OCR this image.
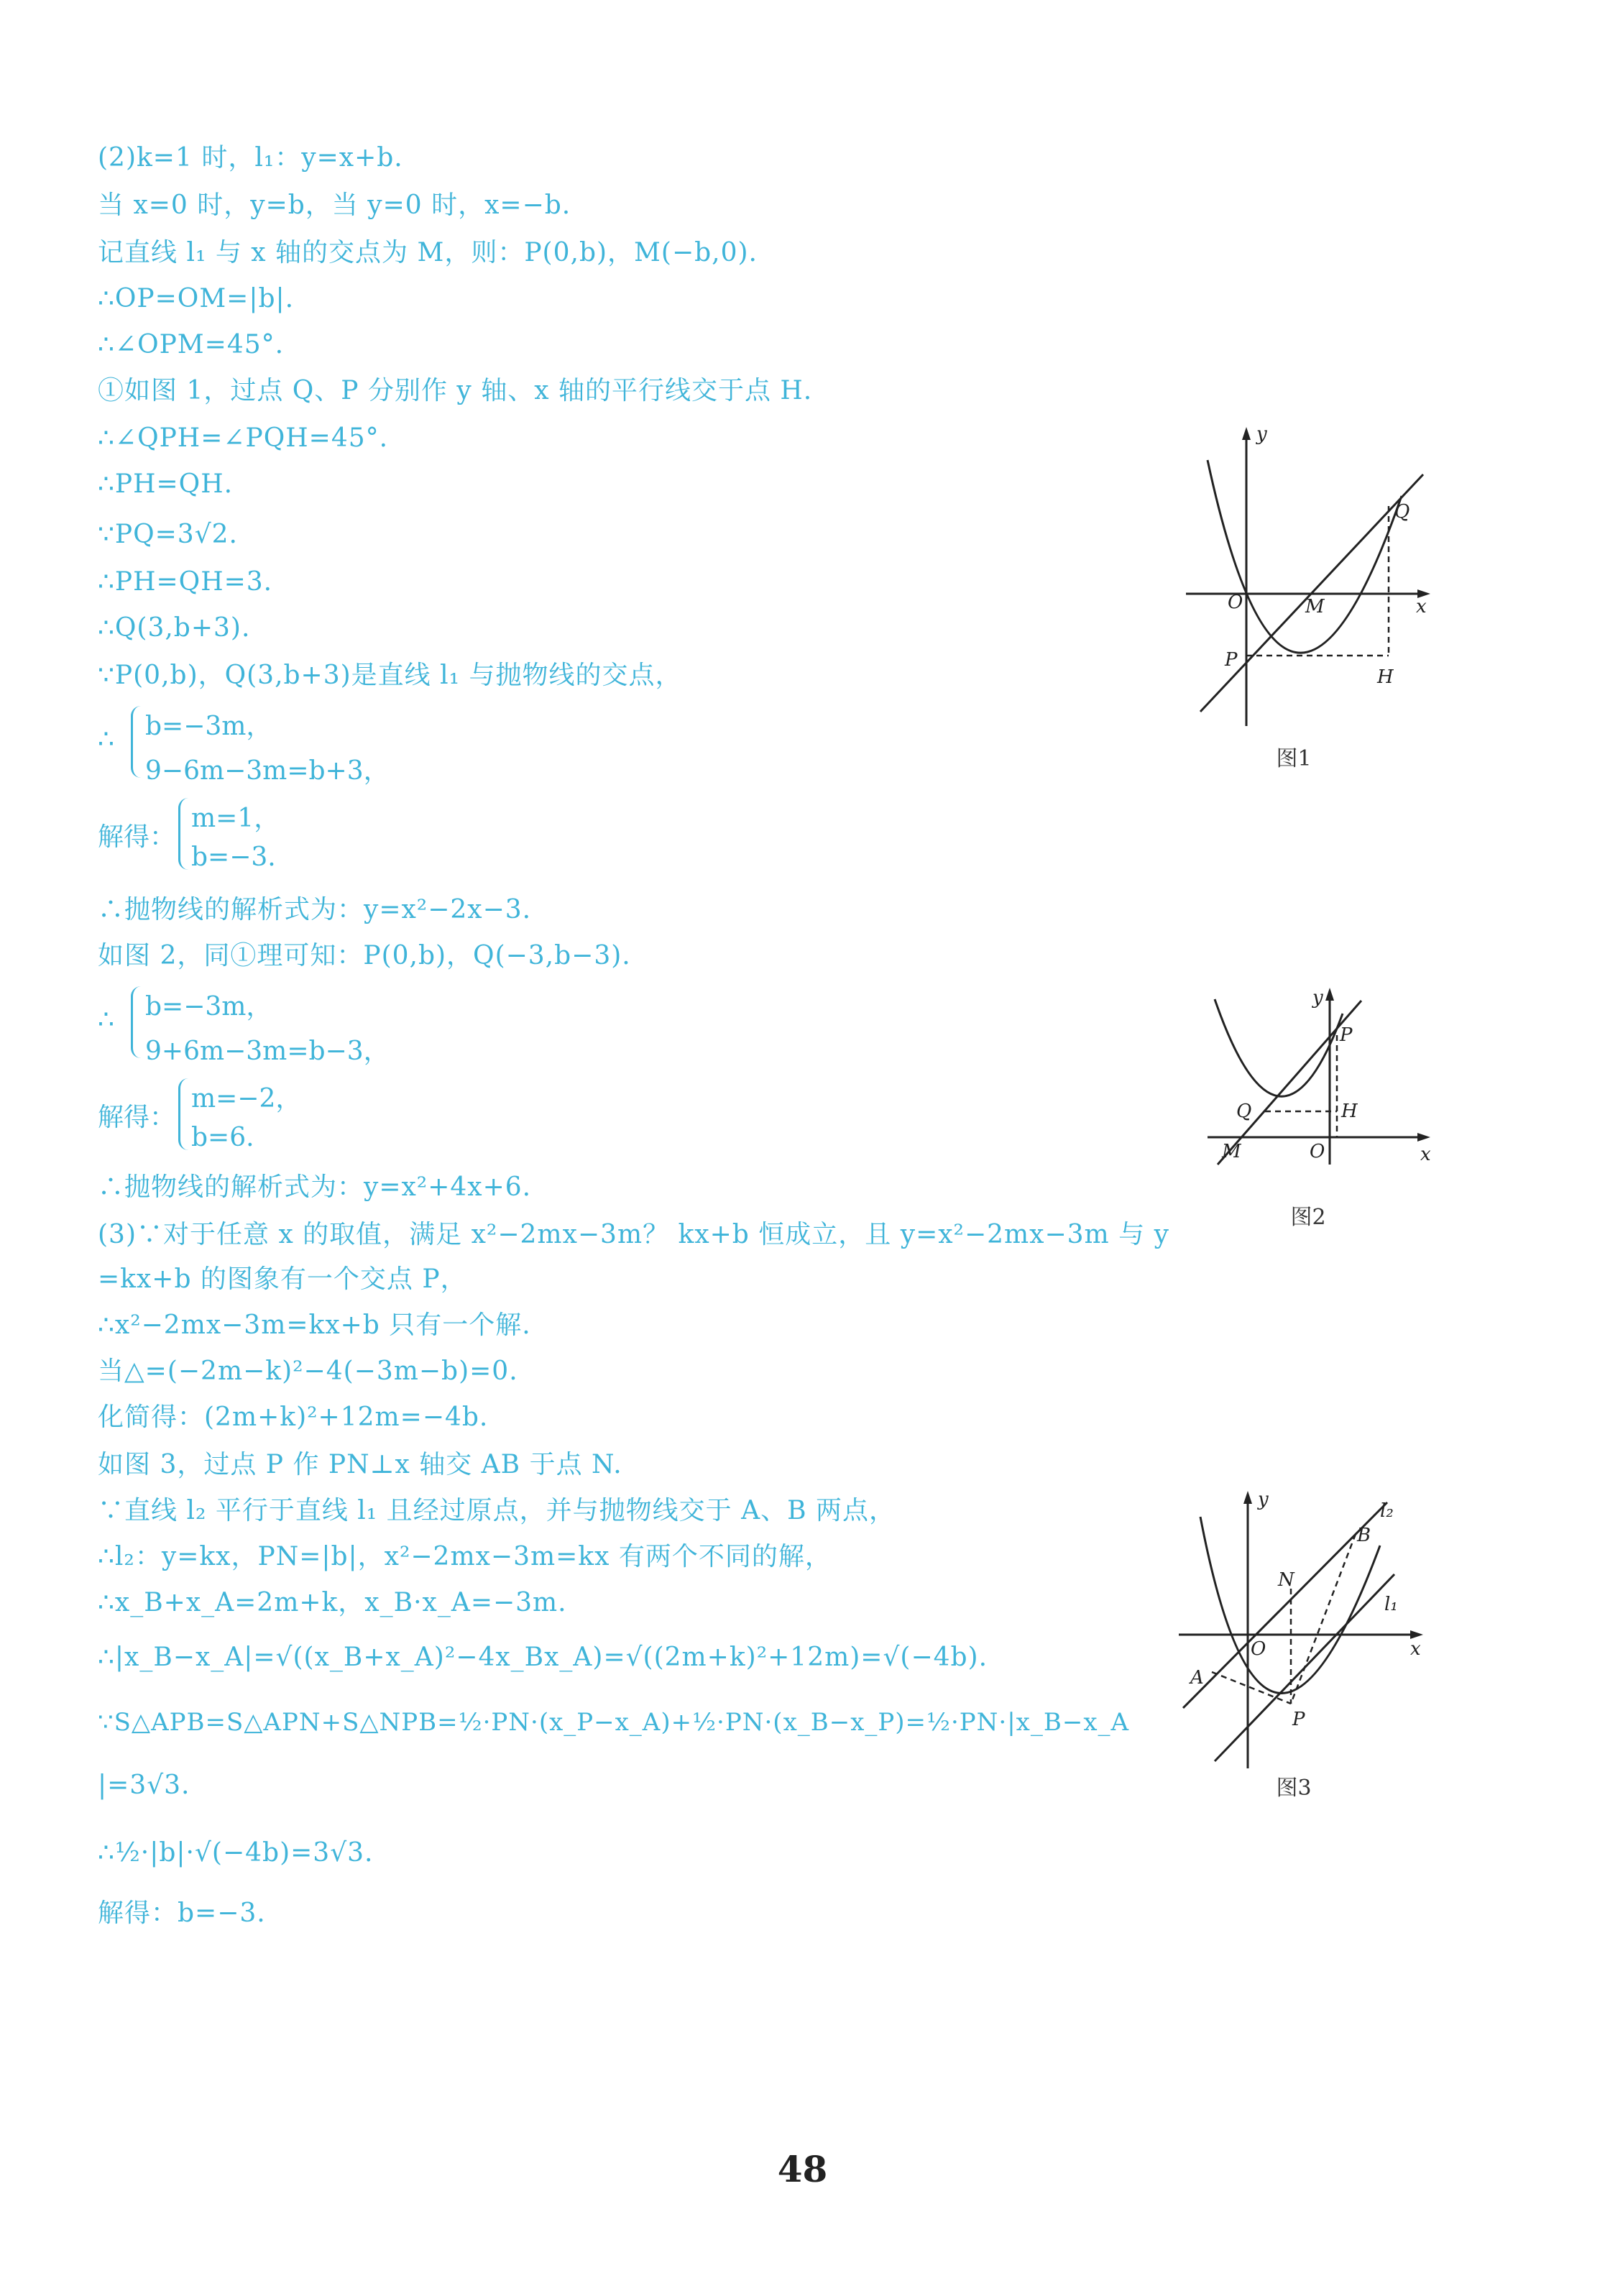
(2)k=1 时，l₁：y=x+b.
当 x=0 时，y=b，当 y=0 时，x=−b.
记直线 l₁ 与 x 轴的交点为 M，则：P(0,b)，M(−b,0).
∴OP=OM=|b|.
∴∠OPM=45°.
①如图 1，过点 Q、P 分别作 y 轴、x 轴的平行线交于点 H.
∴∠QPH=∠PQH=45°.
∴PH=QH.
∵PQ=3√2.
∴PH=QH=3.
∴Q(3,b+3).
∵P(0,b)，Q(3,b+3)是直线 l₁ 与抛物线的交点，
∴ b=−3m，
9−6m−3m=b+3，
解得：
m=1，
b=−3.
∴抛物线的解析式为：y=x²−2x−3.
如图 2，同①理可知：P(0,b)，Q(−3,b−3).
∴ b=−3m，
9+6m−3m=b−3，
解得：
m=−2，
b=6.
∴抛物线的解析式为：y=x²+4x+6.
(3)∵对于任意 x 的取值，满足 x²−2mx−3m？ kx+b 恒成立，且 y=x²−2mx−3m 与 y
=kx+b 的图象有一个交点 P，
∴x²−2mx−3m=kx+b 只有一个解.
当△=(−2m−k)²−4(−3m−b)=0.
化简得：(2m+k)²+12m=−4b.
如图 3，过点 P 作 PN⊥x 轴交 AB 于点 N.
∵直线 l₂ 平行于直线 l₁ 且经过原点，并与抛物线交于 A、B 两点，
∴l₂：y=kx，PN=|b|，x²−2mx−3m=kx 有两个不同的解，
∴x_B+x_A=2m+k，x_B·x_A=−3m.
∴|x_B−x_A|=√((x_B+x_A)²−4x_Bx_A)=√((2m+k)²+12m)=√(−4b).
∵S△APB=S△APN+S△NPB=½·PN·(x_P−x_A)+½·PN·(x_B−x_P)=½·PN·|x_B−x_A
|=3√3.
∴½·|b|·√(−4b)=3√3.
解得：b=−3.
y
x
O	M
P
Q
H
图1
y
x
O
M
P
Q	H
图2
y
x
O
N
A
B
P
l₁
l₂
图3
48
